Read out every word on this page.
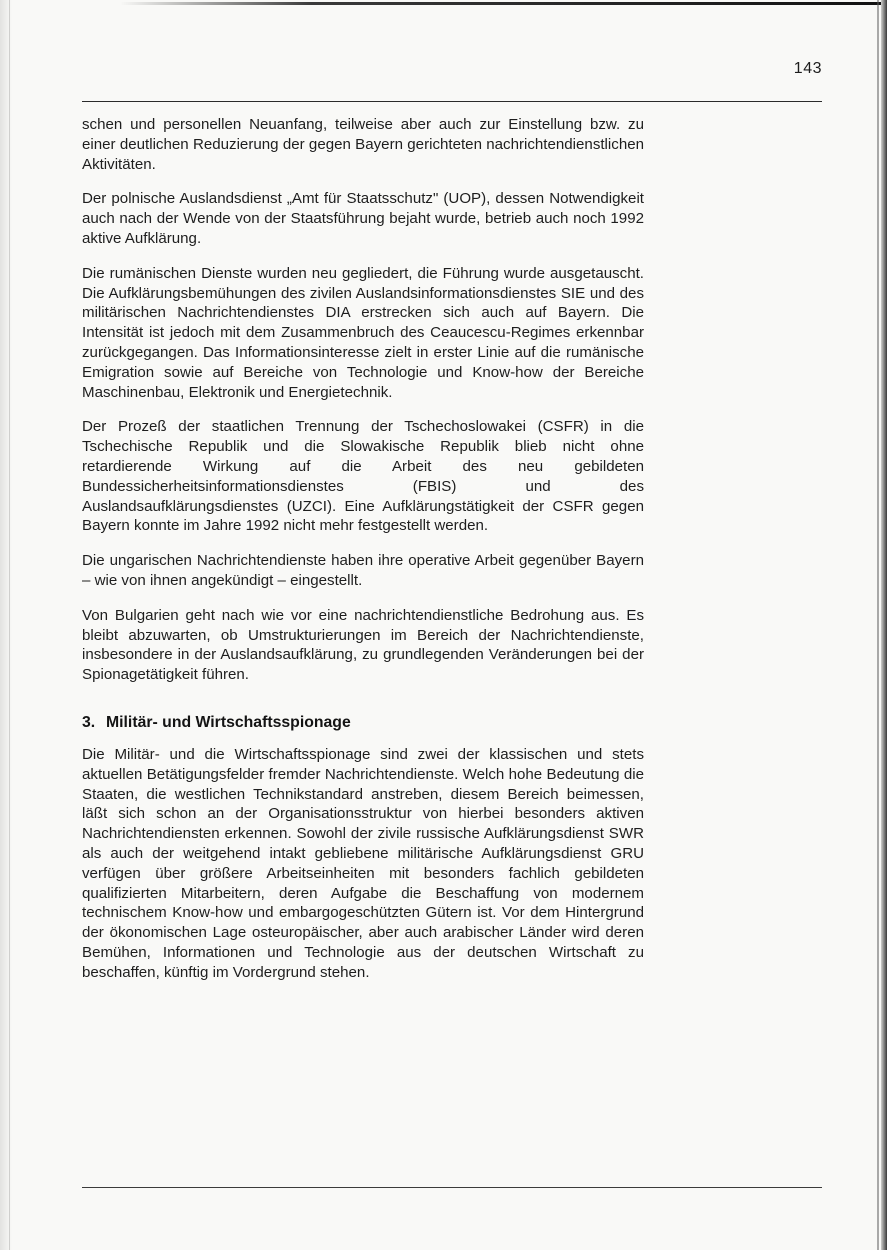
143

schen und personellen Neuanfang, teilweise aber auch zur Einstellung bzw. zu einer deutlichen Reduzierung der gegen Bayern gerichteten nachrichtendienstlichen Aktivitäten.

Der polnische Auslandsdienst „Amt für Staatsschutz" (UOP), dessen Notwendigkeit auch nach der Wende von der Staatsführung bejaht wurde, betrieb auch noch 1992 aktive Aufklärung.

Die rumänischen Dienste wurden neu gegliedert, die Führung wurde ausgetauscht. Die Aufklärungsbemühungen des zivilen Auslandsinformationsdienstes SIE und des militärischen Nachrichtendienstes DIA erstrecken sich auch auf Bayern. Die Intensität ist jedoch mit dem Zusammenbruch des Ceaucescu-Regimes erkennbar zurückgegangen. Das Informationsinteresse zielt in erster Linie auf die rumänische Emigration sowie auf Bereiche von Technologie und Know-how der Bereiche Maschinenbau, Elektronik und Energietechnik.

Der Prozeß der staatlichen Trennung der Tschechoslowakei (CSFR) in die Tschechische Republik und die Slowakische Republik blieb nicht ohne retardierende Wirkung auf die Arbeit des neu gebildeten Bundessicherheitsinformationsdienstes (FBIS) und des Auslandsaufklärungsdienstes (UZCI). Eine Aufklärungstätigkeit der CSFR gegen Bayern konnte im Jahre 1992 nicht mehr festgestellt werden.

Die ungarischen Nachrichtendienste haben ihre operative Arbeit gegenüber Bayern – wie von ihnen angekündigt – eingestellt.

Von Bulgarien geht nach wie vor eine nachrichtendienstliche Bedrohung aus. Es bleibt abzuwarten, ob Umstrukturierungen im Bereich der Nachrichtendienste, insbesondere in der Auslandsaufklärung, zu grundlegenden Veränderungen bei der Spionagetätigkeit führen.

3. Militär- und Wirtschaftsspionage

Die Militär- und die Wirtschaftsspionage sind zwei der klassischen und stets aktuellen Betätigungsfelder fremder Nachrichtendienste. Welch hohe Bedeutung die Staaten, die westlichen Technikstandard anstreben, diesem Bereich beimessen, läßt sich schon an der Organisationsstruktur von hierbei besonders aktiven Nachrichtendiensten erkennen. Sowohl der zivile russische Aufklärungsdienst SWR als auch der weitgehend intakt gebliebene militärische Aufklärungsdienst GRU verfügen über größere Arbeitseinheiten mit besonders fachlich gebildeten qualifizierten Mitarbeitern, deren Aufgabe die Beschaffung von modernem technischem Know-how und embargogeschützten Gütern ist. Vor dem Hintergrund der ökonomischen Lage osteuropäischer, aber auch arabischer Länder wird deren Bemühen, Informationen und Technologie aus der deutschen Wirtschaft zu beschaffen, künftig im Vordergrund stehen.
